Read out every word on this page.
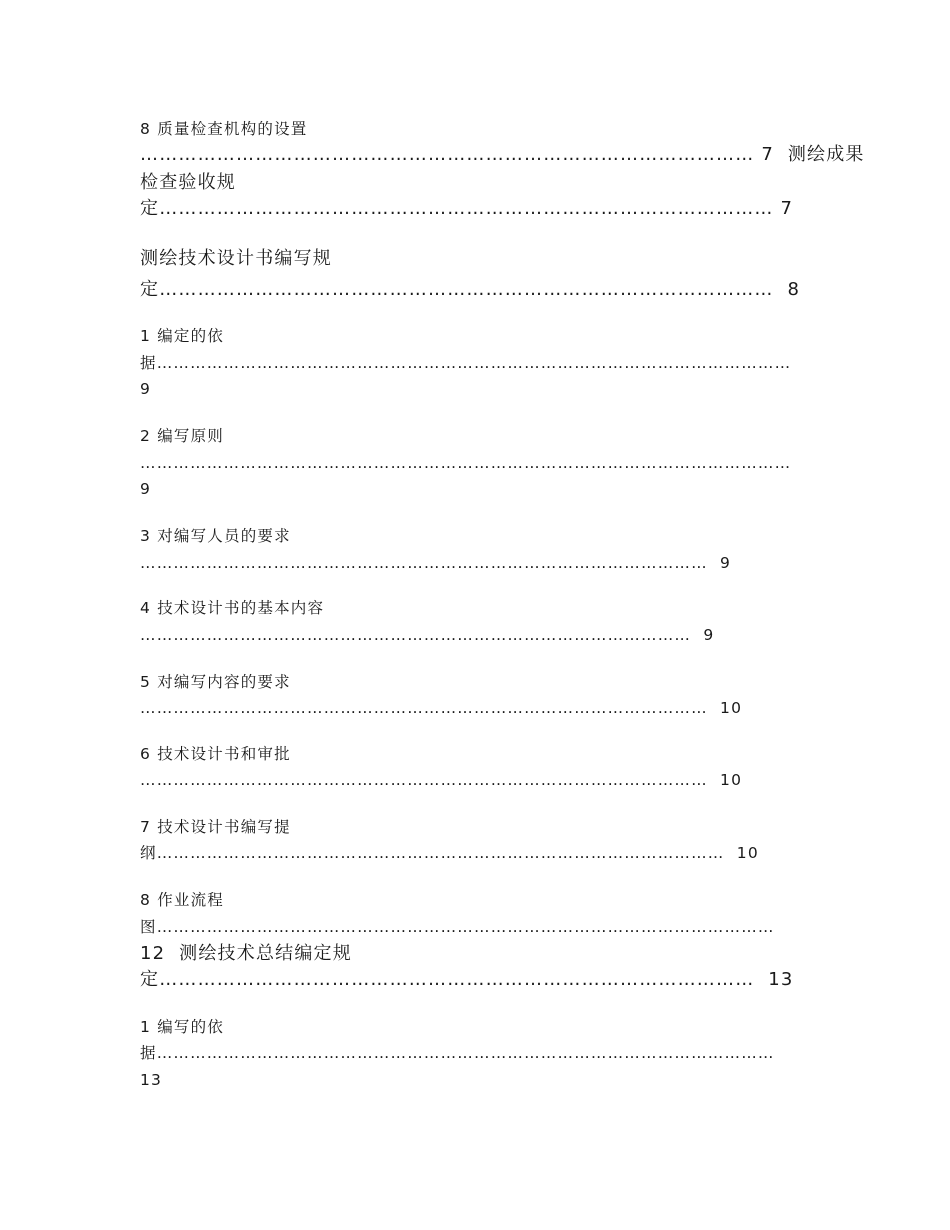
8 质量检查机构的设置
…………………………………………………………………………………… 7  测绘成果
检查验收规
定…………………………………………………………………………………… 7
测绘技术设计书编写规
定……………………………………………………………………………………  8
1 编定的依
据……………………………………………………………………………………………………
9
2 编写原则
………………………………………………………………………………………………………
9
3 对编写人员的要求
…………………………………………………………………………………………  9
4 技术设计书的基本内容
………………………………………………………………………………………  9
5 对编写内容的要求
…………………………………………………………………………………………  10
6 技术设计书和审批
…………………………………………………………………………………………  10
7 技术设计书编写提
纲…………………………………………………………………………………………  10
8 作业流程
图…………………………………………………………………………………………………
12  测绘技术总结编定规
定…………………………………………………………………………………  13
1 编写的依
据…………………………………………………………………………………………………
13
